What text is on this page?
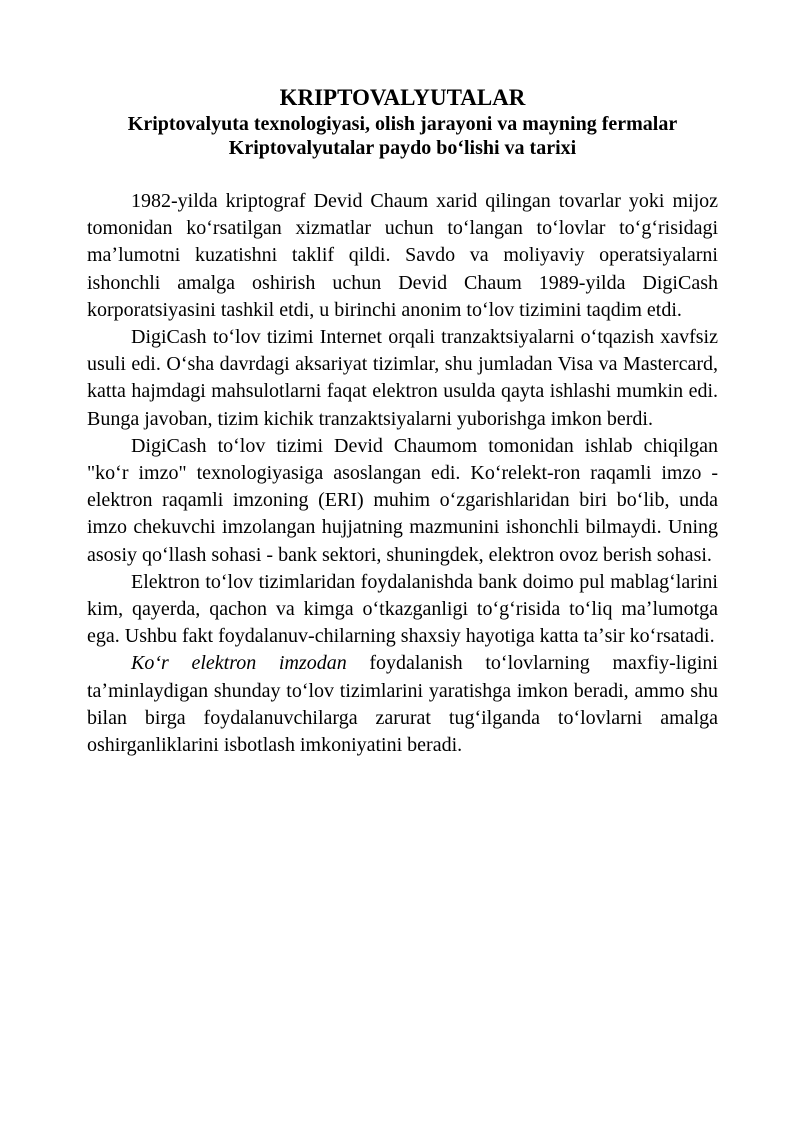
KRIPTOVALYUTALAR
Kriptovalyuta texnologiyasi, olish jarayoni va mayning fermalar
Kriptovalyutalar paydo boʻlishi va tarixi

1982-yilda kriptograf Devid Chaum xarid qilingan tovarlar yoki mijoz tomonidan koʻrsatilgan xizmatlar uchun toʻlangan toʻlovlar toʻgʻrisidagi maʼlumotni kuzatishni taklif qildi. Savdo va moliyaviy operatsiyalarni ishonchli amalga oshirish uchun Devid Chaum 1989-yilda DigiCash korporatsiyasini tashkil etdi, u birinchi anonim toʻlov tizimini taqdim etdi.

DigiCash toʻlov tizimi Internet orqali tranzaktsiyalarni oʻtqazish xavfsiz usuli edi. Oʻsha davrdagi aksariyat tizimlar, shu jumladan Visa va Mastercard, katta hajmdagi mahsulotlarni faqat elektron usulda qayta ishlashi mumkin edi. Bunga javoban, tizim kichik tranzaktsiyalarni yuborishga imkon berdi.

DigiCash toʻlov tizimi Devid Chaumom tomonidan ishlab chiqilgan "koʻr imzo" texnologiyasiga asoslangan edi. Koʻrelekt-ron raqamli imzo - elektron raqamli imzoning (ERI) muhim oʻzgarishlaridan biri boʻlib, unda imzo chekuvchi imzolangan hujjatning mazmunini ishonchli bilmaydi. Uning asosiy qoʻllash sohasi - bank sektori, shuningdek, elektron ovoz berish sohasi.

Elektron toʻlov tizimlaridan foydalanishda bank doimo pul mablagʻlarini kim, qayerda, qachon va kimga oʻtkazganligi toʻgʻrisida toʻliq maʼlumotga ega. Ushbu fakt foydalanuv-chilarning shaxsiy hayotiga katta taʼsir koʻrsatadi.

Koʻr elektron imzodan foydalanish toʻlovlarning maxfiy-ligini taʼminlaydigan shunday toʻlov tizimlarini yaratishga imkon beradi, ammo shu bilan birga foydalanuvchilarga zarurat tugʻilganda toʻlovlarni amalga oshirganliklarini isbotlash imkoniyatini beradi.
